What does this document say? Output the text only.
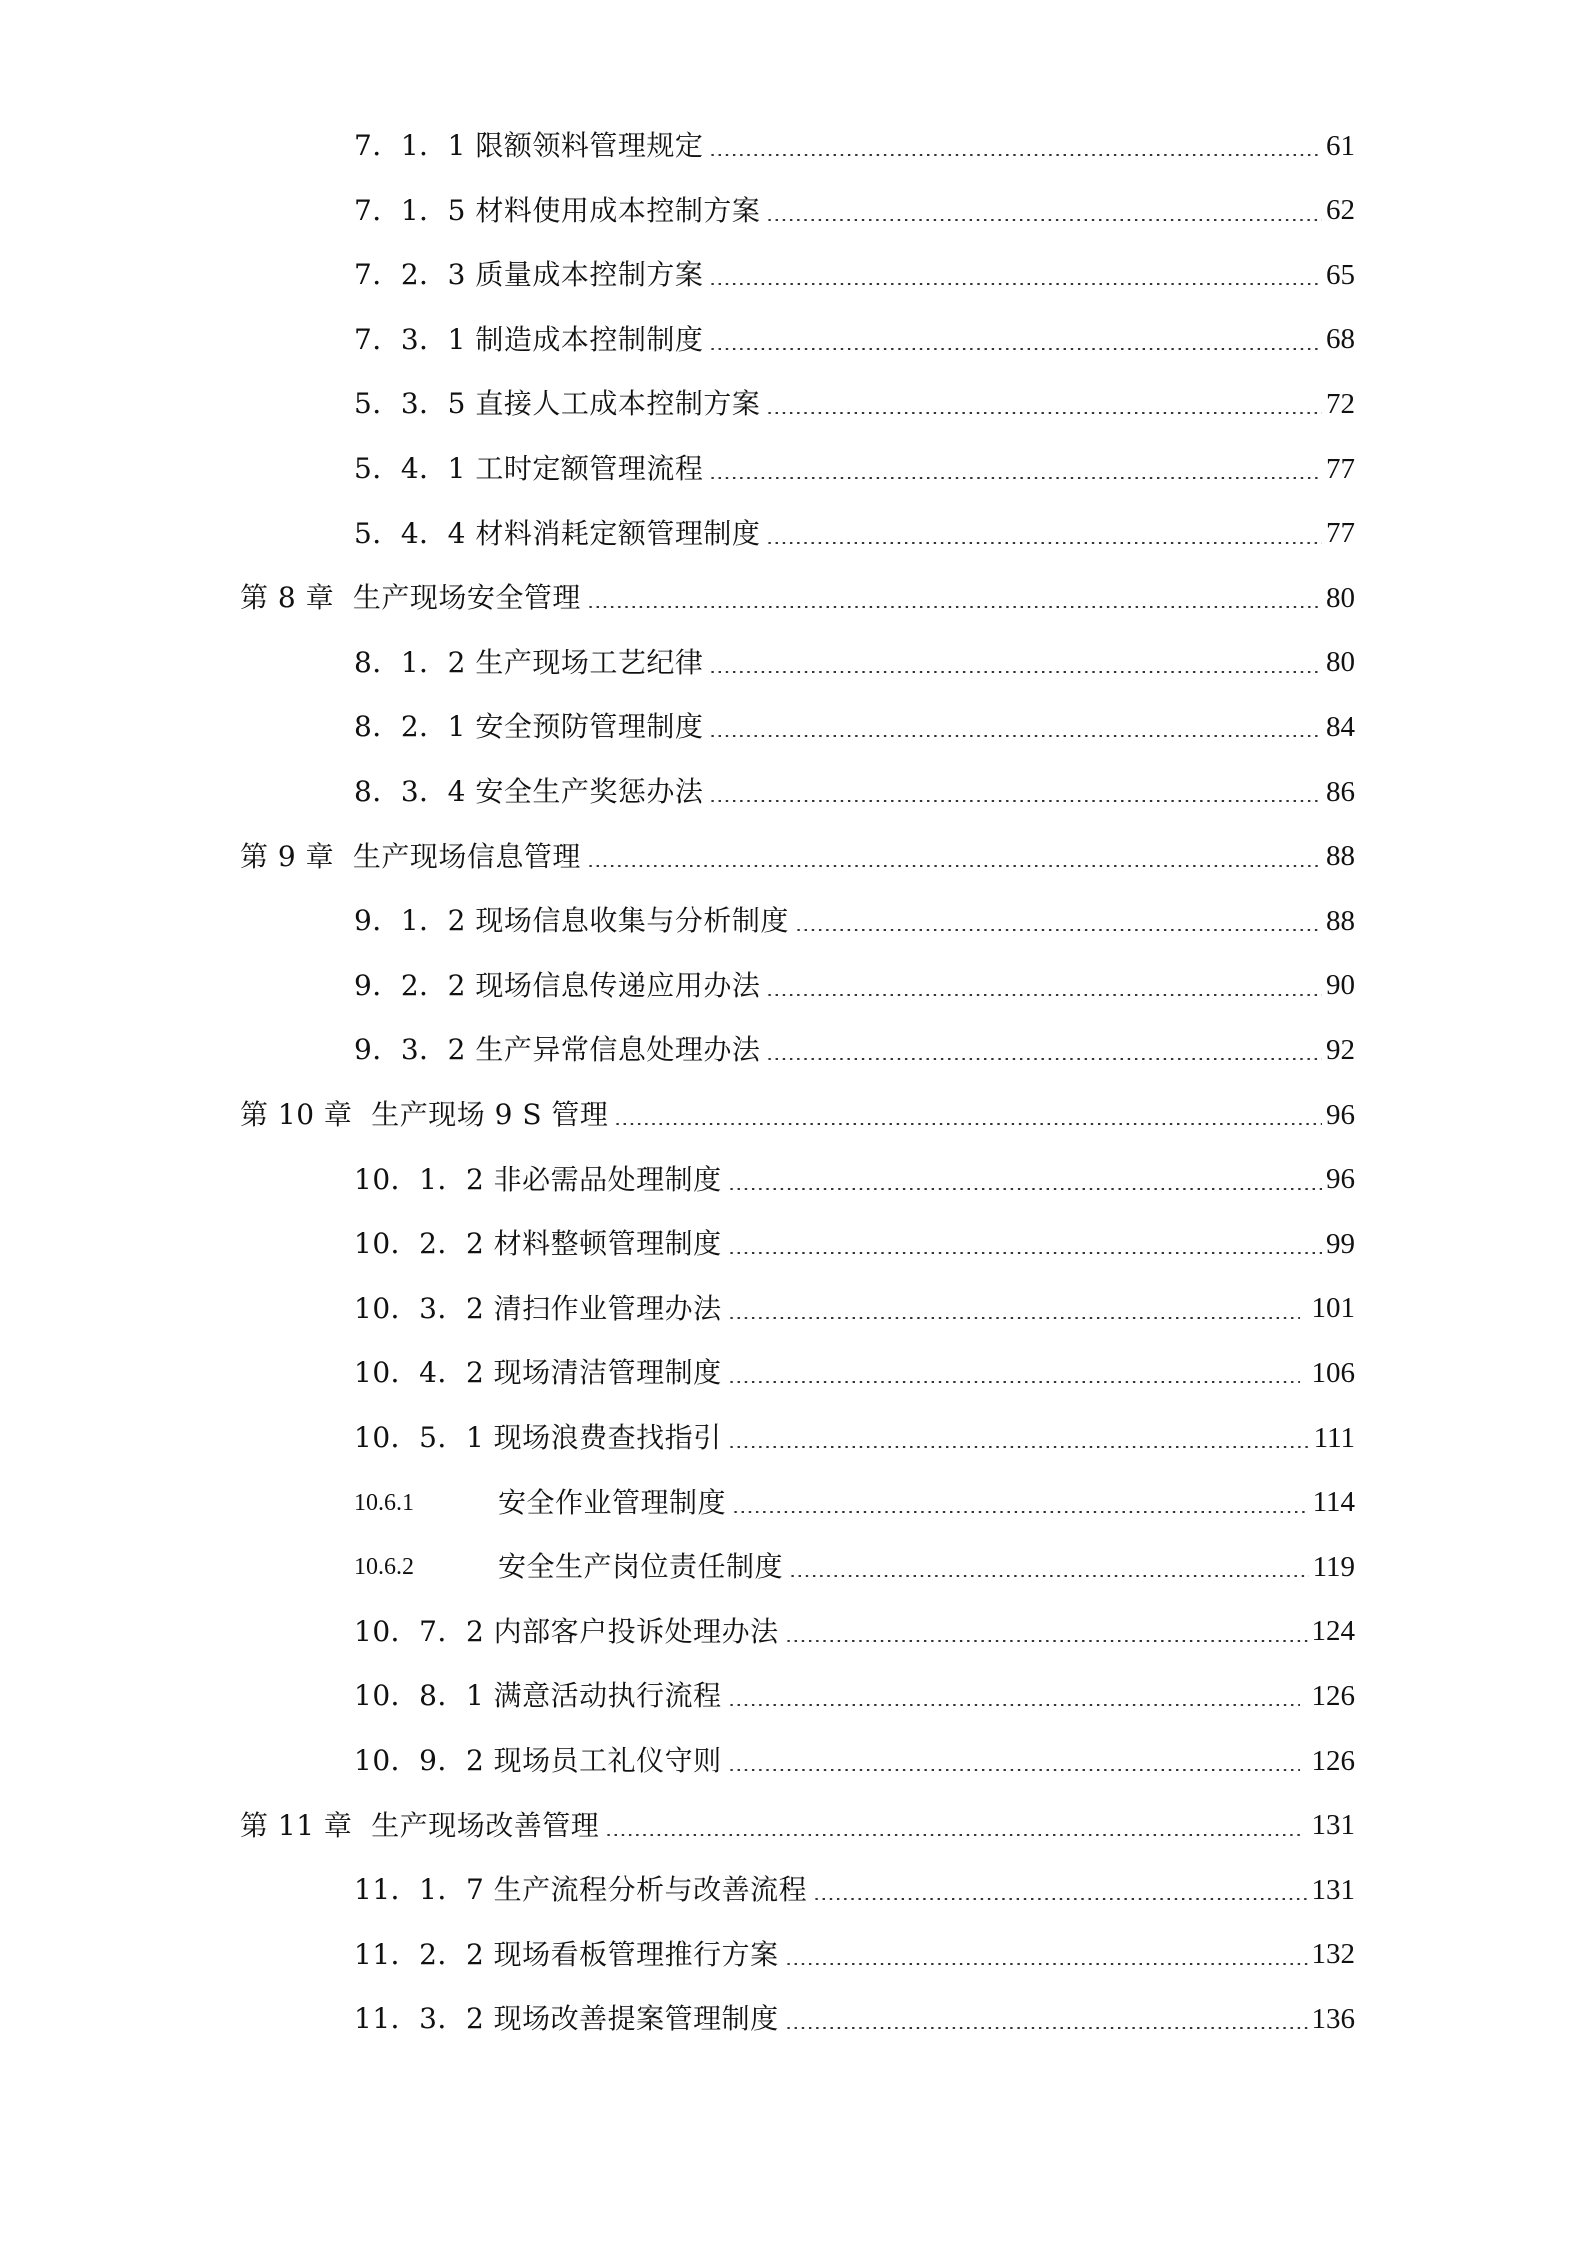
7．1．1 限额领料管理规定	61
7．1．5 材料使用成本控制方案	62
7．2．3 质量成本控制方案	65
7．3．1 制造成本控制制度	68
5．3．5 直接人工成本控制方案	72
5．4．1 工时定额管理流程	77
5．4．4 材料消耗定额管理制度	77
第 8 章  生产现场安全管理	80
8．1．2 生产现场工艺纪律	80
8．2．1 安全预防管理制度	84
8．3．4 安全生产奖惩办法	86
第 9 章  生产现场信息管理	88
9．1．2 现场信息收集与分析制度	88
9．2．2 现场信息传递应用办法	90
9．3．2 生产异常信息处理办法	92
第 10 章  生产现场 9 S 管理	96
10．1．2 非必需品处理制度	96
10．2．2 材料整顿管理制度	99
10．3．2 清扫作业管理办法	101
10．4．2 现场清洁管理制度	106
10．5．1 现场浪费查找指引	111
10.6.1	安全作业管理制度	114
10.6.2	安全生产岗位责任制度	119
10．7．2 内部客户投诉处理办法	124
10．8．1 满意活动执行流程	126
10．9．2 现场员工礼仪守则	126
第 11 章  生产现场改善管理	131
11．1．7 生产流程分析与改善流程	131
11．2．2 现场看板管理推行方案	132
11．3．2 现场改善提案管理制度	136
